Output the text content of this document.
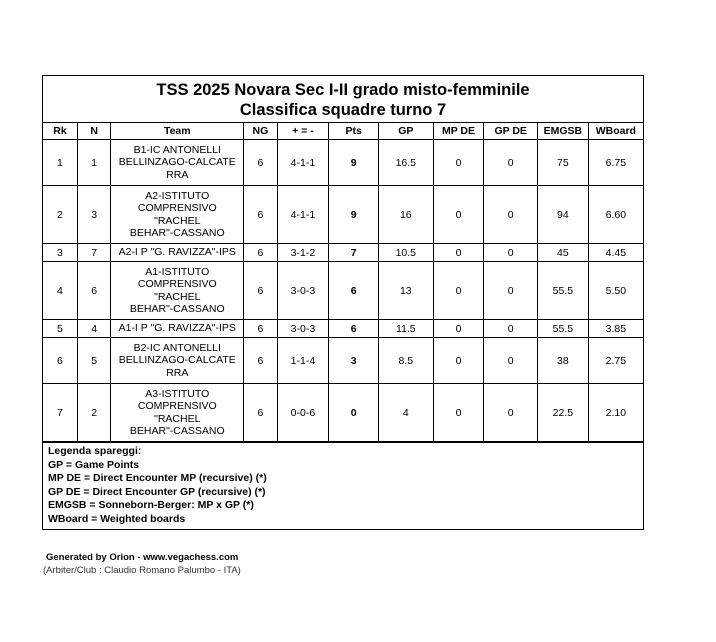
TSS 2025 Novara Sec I-II grado misto-femminile
Classifica squadre turno 7
Rk	N	Team	NG	+ = -	Pts	GP	MP DE	GP DE	EMGSB	WBoard
1	1	B1-IC ANTONELLI
BELLINZAGO-CALCATE
RRA	6	4-1-1	9	16.5	0	0	75	6.75
2	3	A2-ISTITUTO
COMPRENSIVO
"RACHEL
BEHAR"-CASSANO	6	4-1-1	9	16	0	0	94	6.60
3	7	A2-I P "G. RAVIZZA"-IPS	6	3-1-2	7	10.5	0	0	45	4.45
4	6	A1-ISTITUTO
COMPRENSIVO
"RACHEL
BEHAR"-CASSANO	6	3-0-3	6	13	0	0	55.5	5.50
5	4	A1-I P "G. RAVIZZA"-IPS	6	3-0-3	6	11.5	0	0	55.5	3.85
6	5	B2-IC ANTONELLI
BELLINZAGO-CALCATE
RRA	6	1-1-4	3	8.5	0	0	38	2.75
7	2	A3-ISTITUTO
COMPRENSIVO
"RACHEL
BEHAR"-CASSANO	6	0-0-6	0	4	0	0	22.5	2.10
Legenda spareggi:
GP = Game Points
MP DE = Direct Encounter MP (recursive) (*)
GP DE = Direct Encounter GP (recursive) (*)
EMGSB = Sonneborn-Berger: MP x GP (*)
WBoard = Weighted boards
Generated by Orion - www.vegachess.com
(Arbiter/Club : Claudio Romano Palumbo - ITA)
